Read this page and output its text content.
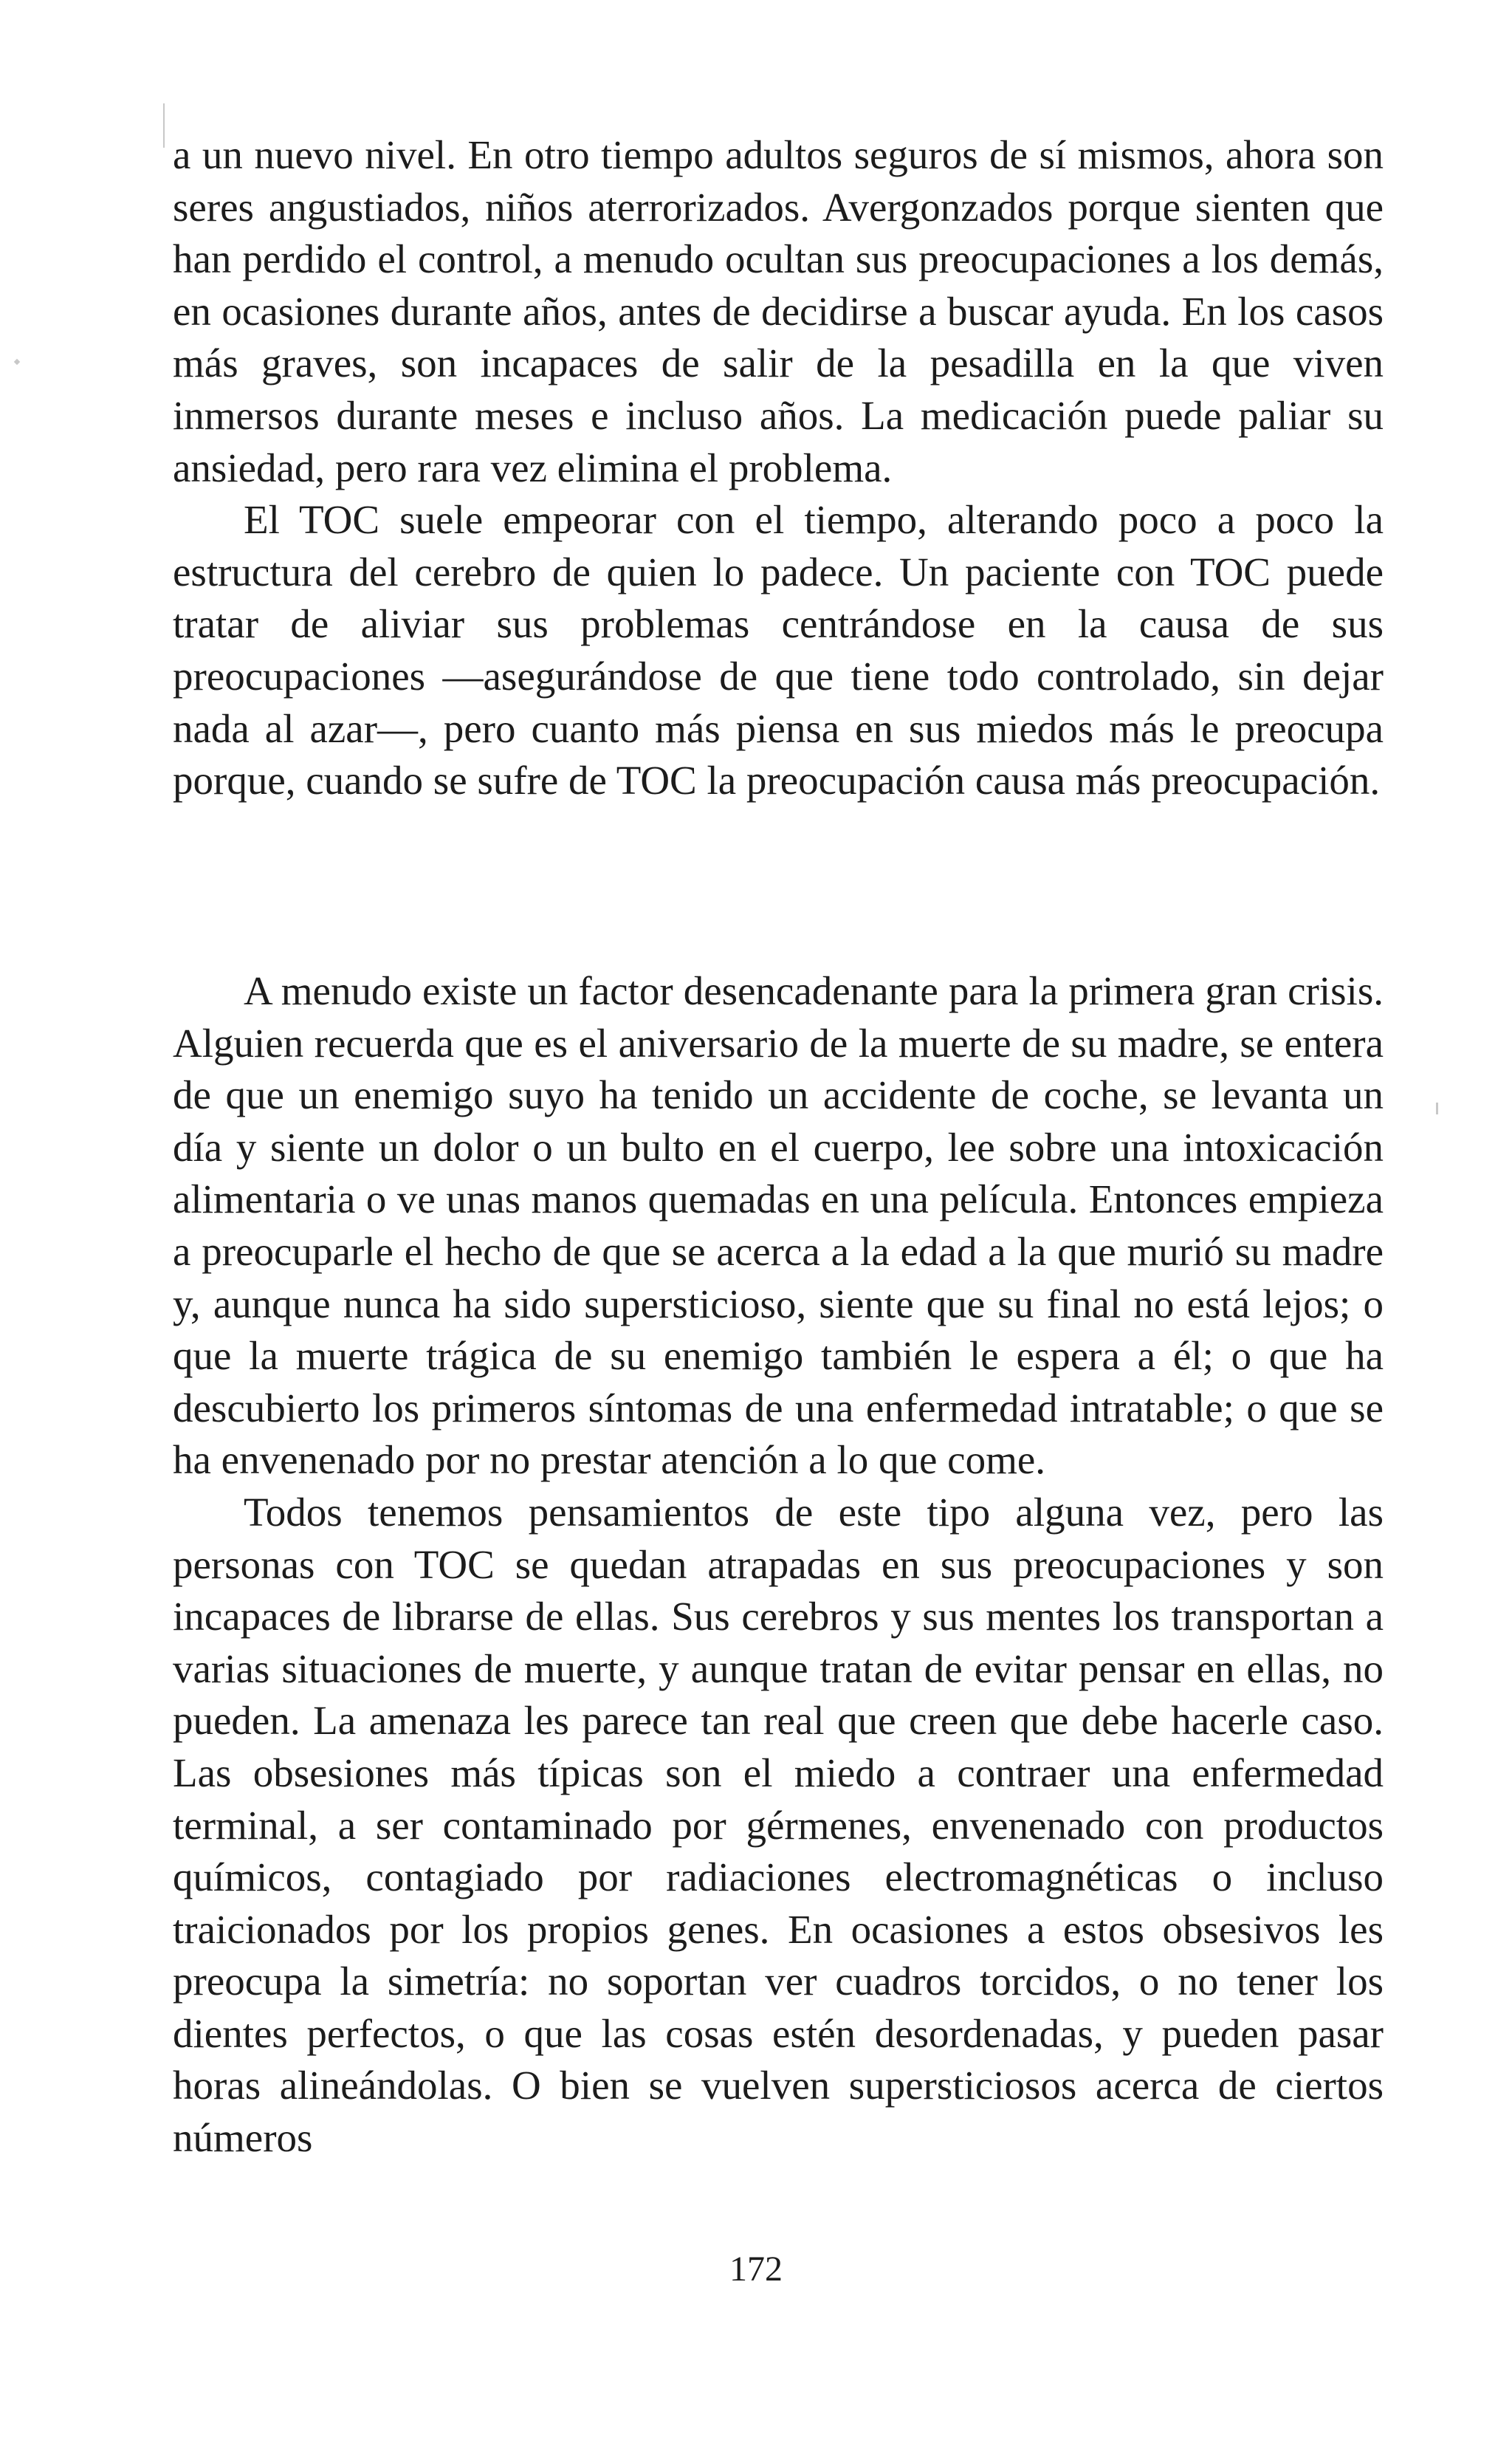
a un nuevo nivel. En otro tiempo adultos seguros de sí mismos, ahora son seres angustiados, niños aterrorizados. Avergonzados porque sienten que han perdido el control, a menudo ocultan sus preocupaciones a los demás, en ocasiones durante años, antes de decidirse a buscar ayuda. En los casos más graves, son incapaces de salir de la pesadilla en la que viven inmersos durante meses e incluso años. La medicación puede paliar su ansiedad, pero rara vez elimina el problema.

El TOC suele empeorar con el tiempo, alterando poco a poco la estructura del cerebro de quien lo padece. Un paciente con TOC puede tratar de aliviar sus problemas centrándose en la causa de sus preocupaciones —asegurándose de que tiene todo controlado, sin dejar nada al azar—, pero cuanto más piensa en sus miedos más le preocupa porque, cuando se sufre de TOC la preocupación causa más preocupación.

A menudo existe un factor desencadenante para la primera gran crisis. Alguien recuerda que es el aniversario de la muerte de su madre, se entera de que un enemigo suyo ha tenido un accidente de coche, se levanta un día y siente un dolor o un bulto en el cuerpo, lee sobre una intoxicación alimentaria o ve unas manos quemadas en una película. Entonces empieza a preocuparle el hecho de que se acerca a la edad a la que murió su madre y, aunque nunca ha sido supersticioso, siente que su final no está lejos; o que la muerte trágica de su enemigo también le espera a él; o que ha descubierto los primeros síntomas de una enfermedad intratable; o que se ha envenenado por no prestar atención a lo que come.

Todos tenemos pensamientos de este tipo alguna vez, pero las personas con TOC se quedan atrapadas en sus preocupaciones y son incapaces de librarse de ellas. Sus cerebros y sus mentes los transportan a varias situaciones de muerte, y aunque tratan de evitar pensar en ellas, no pueden. La amenaza les parece tan real que creen que debe hacerle caso. Las obsesiones más típicas son el miedo a contraer una enfermedad terminal, a ser contaminado por gérmenes, envenenado con productos químicos, contagiado por radiaciones electromagnéticas o incluso traicionados por los propios genes. En ocasiones a estos obsesivos les preocupa la simetría: no soportan ver cuadros torcidos, o no tener los dientes perfectos, o que las cosas estén desordenadas, y pueden pasar horas alineándolas. O bien se vuelven supersticiosos acerca de ciertos números

172
